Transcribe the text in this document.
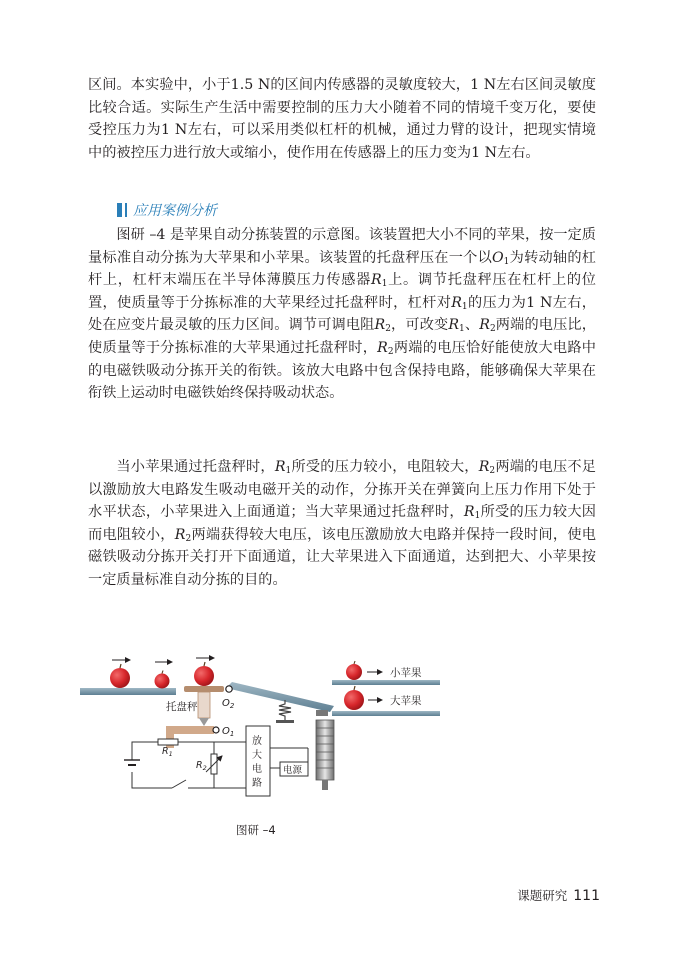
区间。本实验中，小于1.5 N的区间内传感器的灵敏度较大，1 N左右区间灵敏度比较合适。实际生产生活中需要控制的压力大小随着不同的情境千变万化，要使受控压力为1 N左右，可以采用类似杠杆的机械，通过力臂的设计，把现实情境中的被控压力进行放大或缩小，使作用在传感器上的压力变为1 N左右。

应用案例分析

图研 –4 是苹果自动分拣装置的示意图。该装置把大小不同的苹果，按一定质量标准自动分拣为大苹果和小苹果。该装置的托盘秤压在一个以$O_1$为转动轴的杠杆上，杠杆末端压在半导体薄膜压力传感器$R_1$上。调节托盘秤压在杠杆上的位置，使质量等于分拣标准的大苹果经过托盘秤时，杠杆对$R_1$的压力为1 N左右，处在应变片最灵敏的压力区间。调节可调电阻$R_2$，可改变$R_1$、$R_2$两端的电压比，使质量等于分拣标准的大苹果通过托盘秤时，$R_2$两端的电压恰好能使放大电路中的电磁铁吸动分拣开关的衔铁。该放大电路中包含保持电路，能够确保大苹果在衔铁上运动时电磁铁始终保持吸动状态。

当小苹果通过托盘秤时，$R_1$所受的压力较小，电阻较大，$R_2$两端的电压不足以激励放大电路发生吸动电磁开关的动作，分拣开关在弹簧向上压力作用下处于水平状态，小苹果进入上面通道；当大苹果通过托盘秤时，$R_1$所受的压力较大因而电阻较小，$R_2$两端获得较大电压，该电压激励放大电路并保持一段时间，使电磁铁吸动分拣开关打开下面通道，让大苹果进入下面通道，达到把大、小苹果按一定质量标准自动分拣的目的。

小苹果
大苹果
托盘秤 $O_2$
$O_1$
$R_1$
$R_2$
放
大
电
路
电源
图研 –4
课题研究 111
